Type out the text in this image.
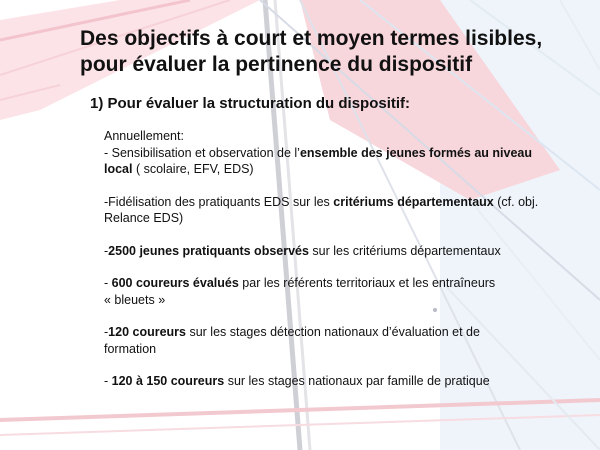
Des objectifs à court et moyen termes lisibles,
pour évaluer la pertinence du dispositif
1) Pour évaluer la structuration du dispositif:
Annuellement:
- Sensibilisation et observation de l’ensemble des jeunes formés au niveau
local ( scolaire, EFV, EDS)
-Fidélisation des pratiquants EDS sur les critériums départementaux (cf. obj.
Relance EDS)
-2500 jeunes pratiquants observés sur les critériums départementaux
- 600 coureurs évalués par les référents territoriaux et les entraîneurs
« bleuets »
-120 coureurs sur les stages détection nationaux d’évaluation et de
formation
- 120 à 150 coureurs sur les stages nationaux par famille de pratique
